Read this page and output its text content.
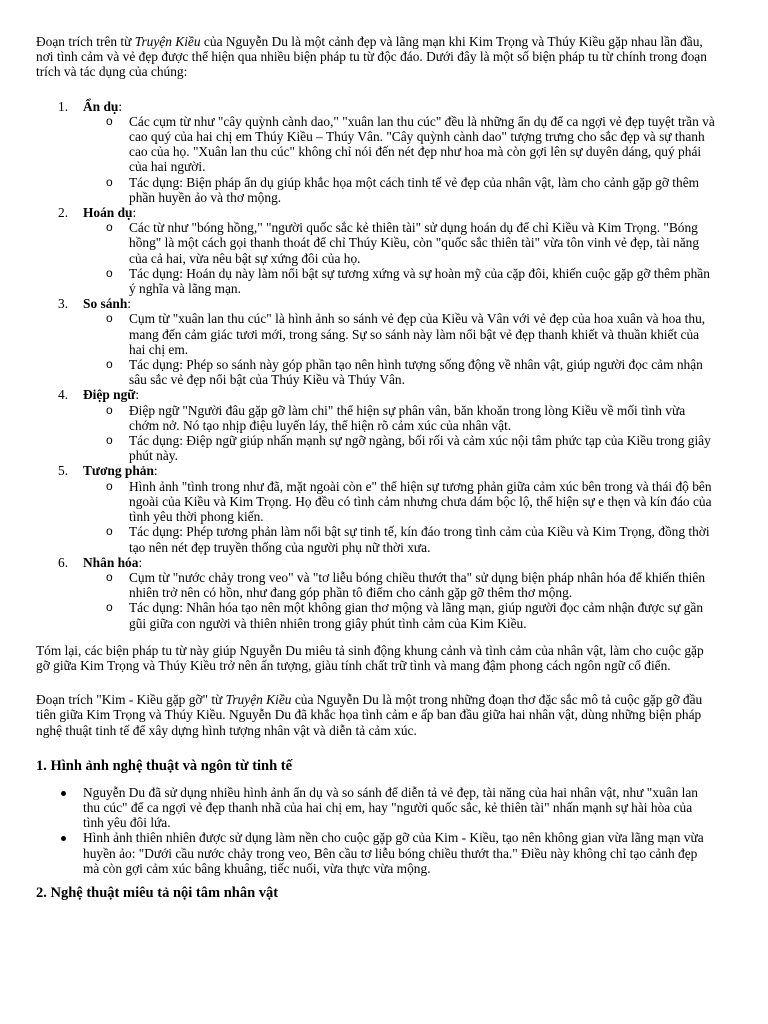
Đoạn trích trên từ Truyện Kiều của Nguyễn Du là một cảnh đẹp và lãng mạn khi Kim Trọng và Thúy Kiều gặp nhau lần đầu, nơi tình cảm và vẻ đẹp được thể hiện qua nhiều biện pháp tu từ độc đáo. Dưới đây là một số biện pháp tu từ chính trong đoạn trích và tác dụng của chúng:

1.	Ẩn dụ:
o Các cụm từ như "cây quỳnh cành dao," "xuân lan thu cúc" đều là những ẩn dụ để ca ngợi vẻ đẹp tuyệt trần và cao quý của hai chị em Thúy Kiều – Thúy Vân. "Cây quỳnh cành dao" tượng trưng cho sắc đẹp và sự thanh cao của họ. "Xuân lan thu cúc" không chỉ nói đến nét đẹp như hoa mà còn gợi lên sự duyên dáng, quý phái của hai người.
o Tác dụng: Biện pháp ẩn dụ giúp khắc họa một cách tinh tế vẻ đẹp của nhân vật, làm cho cảnh gặp gỡ thêm phần huyền ảo và thơ mộng.
2.	Hoán dụ:
o Các từ như "bóng hồng," "người quốc sắc kẻ thiên tài" sử dụng hoán dụ để chỉ Kiều và Kim Trọng. "Bóng hồng" là một cách gọi thanh thoát để chỉ Thúy Kiều, còn "quốc sắc thiên tài" vừa tôn vinh vẻ đẹp, tài năng của cả hai, vừa nêu bật sự xứng đôi của họ.
o Tác dụng: Hoán dụ này làm nổi bật sự tương xứng và sự hoàn mỹ của cặp đôi, khiến cuộc gặp gỡ thêm phần ý nghĩa và lãng mạn.
3.	So sánh:
o Cụm từ "xuân lan thu cúc" là hình ảnh so sánh vẻ đẹp của Kiều và Vân với vẻ đẹp của hoa xuân và hoa thu, mang đến cảm giác tươi mới, trong sáng. Sự so sánh này làm nổi bật vẻ đẹp thanh khiết và thuần khiết của hai chị em.
o Tác dụng: Phép so sánh này góp phần tạo nên hình tượng sống động về nhân vật, giúp người đọc cảm nhận sâu sắc vẻ đẹp nổi bật của Thúy Kiều và Thúy Vân.
4.	Điệp ngữ:
o Điệp ngữ "Người đâu gặp gỡ làm chi" thể hiện sự phân vân, băn khoăn trong lòng Kiều về mối tình vừa chớm nở. Nó tạo nhịp điệu luyến láy, thể hiện rõ cảm xúc của nhân vật.
o Tác dụng: Điệp ngữ giúp nhấn mạnh sự ngỡ ngàng, bối rối và cảm xúc nội tâm phức tạp của Kiều trong giây phút này.
5.	Tương phản:
o Hình ảnh "tình trong như đã, mặt ngoài còn e" thể hiện sự tương phản giữa cảm xúc bên trong và thái độ bên ngoài của Kiều và Kim Trọng. Họ đều có tình cảm nhưng chưa dám bộc lộ, thể hiện sự e thẹn và kín đáo của tình yêu thời phong kiến.
o Tác dụng: Phép tương phản làm nổi bật sự tinh tế, kín đáo trong tình cảm của Kiều và Kim Trọng, đồng thời tạo nên nét đẹp truyền thống của người phụ nữ thời xưa.
6.	Nhân hóa:
o Cụm từ "nước chảy trong veo" và "tơ liễu bóng chiều thướt tha" sử dụng biện pháp nhân hóa để khiến thiên nhiên trở nên có hồn, như đang góp phần tô điểm cho cảnh gặp gỡ thêm thơ mộng.
o Tác dụng: Nhân hóa tạo nên một không gian thơ mộng và lãng mạn, giúp người đọc cảm nhận được sự gần gũi giữa con người và thiên nhiên trong giây phút tình cảm của Kim Kiều.

Tóm lại, các biện pháp tu từ này giúp Nguyễn Du miêu tả sinh động khung cảnh và tình cảm của nhân vật, làm cho cuộc gặp gỡ giữa Kim Trọng và Thúy Kiều trở nên ấn tượng, giàu tính chất trữ tình và mang đậm phong cách ngôn ngữ cổ điển.

Đoạn trích "Kim - Kiều gặp gỡ" từ Truyện Kiều của Nguyễn Du là một trong những đoạn thơ đặc sắc mô tả cuộc gặp gỡ đầu tiên giữa Kim Trọng và Thúy Kiều. Nguyễn Du đã khắc họa tình cảm e ấp ban đầu giữa hai nhân vật, dùng những biện pháp nghệ thuật tinh tế để xây dựng hình tượng nhân vật và diễn tả cảm xúc.

1. Hình ảnh nghệ thuật và ngôn từ tinh tế
Nguyễn Du đã sử dụng nhiều hình ảnh ẩn dụ và so sánh để diễn tả vẻ đẹp, tài năng của hai nhân vật, như "xuân lan thu cúc" để ca ngợi vẻ đẹp thanh nhã của hai chị em, hay "người quốc sắc, kẻ thiên tài" nhấn mạnh sự hài hòa của tình yêu đôi lứa.
Hình ảnh thiên nhiên được sử dụng làm nền cho cuộc gặp gỡ của Kim - Kiều, tạo nên không gian vừa lãng mạn vừa huyền ảo: "Dưới cầu nước chảy trong veo, Bên cầu tơ liễu bóng chiều thướt tha." Điều này không chỉ tạo cảnh đẹp mà còn gợi cảm xúc bâng khuâng, tiếc nuối, vừa thực vừa mộng.
2. Nghệ thuật miêu tả nội tâm nhân vật
